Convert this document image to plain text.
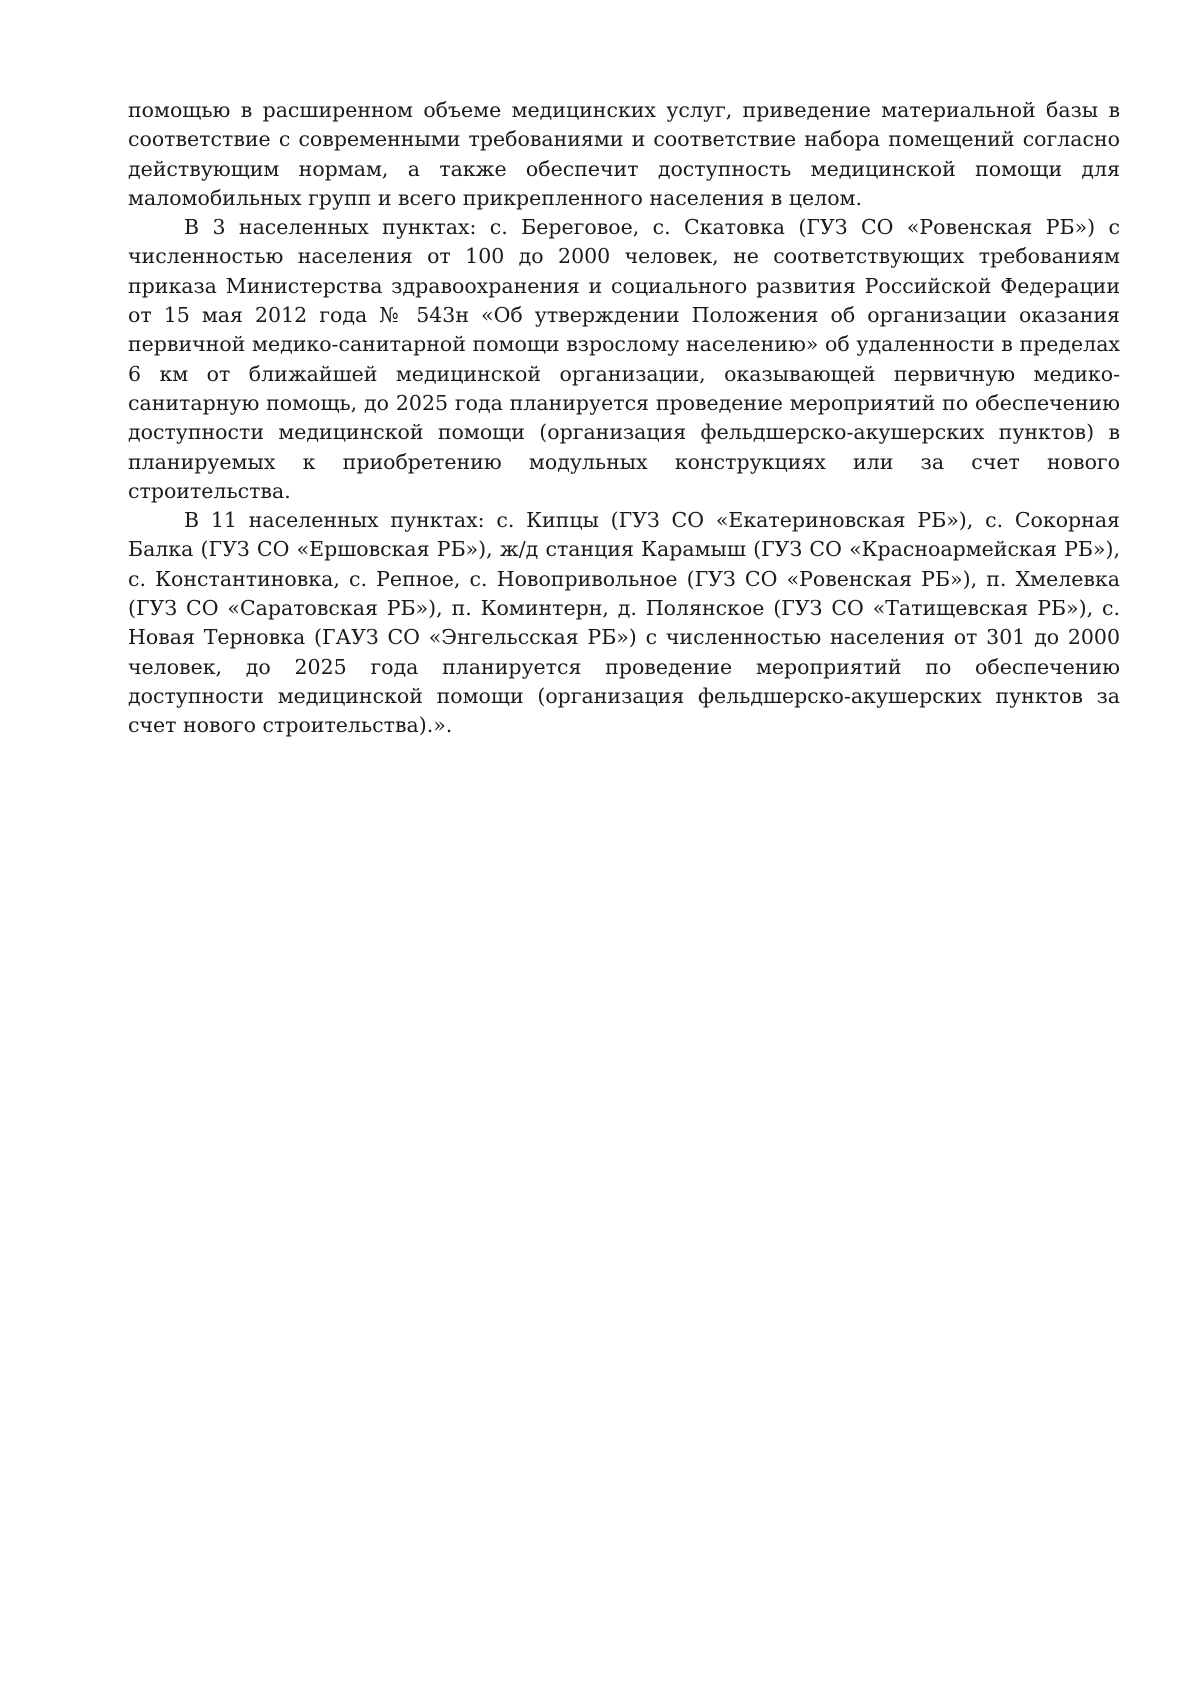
помощью в расширенном объеме медицинских услуг, приведение материальной базы в соответствие с современными требованиями и соответствие набора помещений согласно действующим нормам, а также обеспечит доступность медицинской помощи для маломобильных групп и всего прикрепленного населения в целом.

В 3 населенных пунктах: с. Береговое, с. Скатовка (ГУЗ СО «Ровенская РБ») с численностью населения от 100 до 2000 человек, не соответствующих требованиям приказа Министерства здравоохранения и социального развития Российской Федерации от 15 мая 2012 года № 543н «Об утверждении Положения об организации оказания первичной медико-санитарной помощи взрослому населению» об удаленности в пределах 6 км от ближайшей медицинской организации, оказывающей первичную медико-санитарную помощь, до 2025 года планируется проведение мероприятий по обеспечению доступности медицинской помощи (организация фельдшерско-акушерских пунктов) в планируемых к приобретению модульных конструкциях или за счет нового строительства.

В 11 населенных пунктах: с. Кипцы (ГУЗ СО «Екатериновская РБ»), с. Сокорная Балка (ГУЗ СО «Ершовская РБ»), ж/д станция Карамыш (ГУЗ СО «Красноармейская РБ»), с. Константиновка, с. Репное, с. Новопривольное (ГУЗ СО «Ровенская РБ»), п. Хмелевка (ГУЗ СО «Саратовская РБ»), п. Коминтерн, д. Полянское (ГУЗ СО «Татищевская РБ»), с. Новая Терновка (ГАУЗ СО «Энгельсская РБ») с численностью населения от 301 до 2000 человек, до 2025 года планируется проведение мероприятий по обеспечению доступности медицинской помощи (организация фельдшерско-акушерских пунктов за счет нового строительства).».
